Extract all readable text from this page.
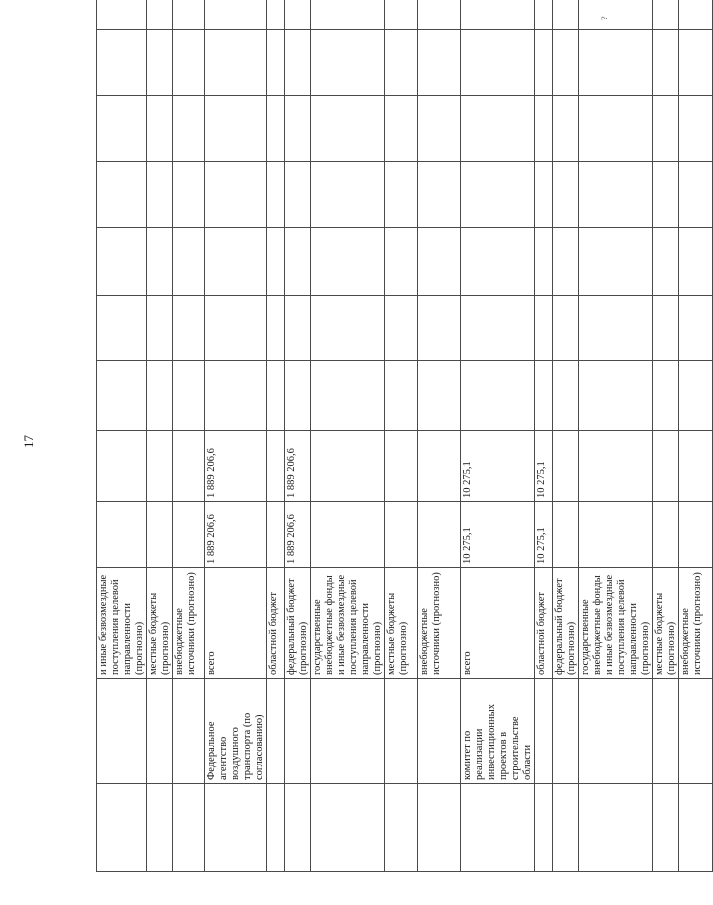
17
		и иные безвозмездные поступления целевой направленности (прогнозно)									
		местные бюджеты (прогнозно)									
		внебюджетные источники (прогнозно)									
	Федеральное агентство воздушного транспорта (по согласованию)	всего	1 889 206,6	1 889 206,6							
		областной бюджет									
		федеральный бюджет (прогнозно)	1 889 206,6	1 889 206,6							
		государственные внебюджетные фонды и иные безвозмездные поступления целевой направленности (прогнозно)									
		местные бюджеты (прогнозно)									
		внебюджетные источники (прогнозно)									
	комитет по реализации инвестиционных проектов в строительстве области	всего	10 275,1	10 275,1							
		областной бюджет	10 275,1	10 275,1							
		федеральный бюджет (прогнозно)									
		государственные внебюджетные фонды и иные безвозмездные поступления целевой направленности (прогнозно)									
		местные бюджеты (прогнозно)									
		внебюджетные источники (прогнозно)									
?
